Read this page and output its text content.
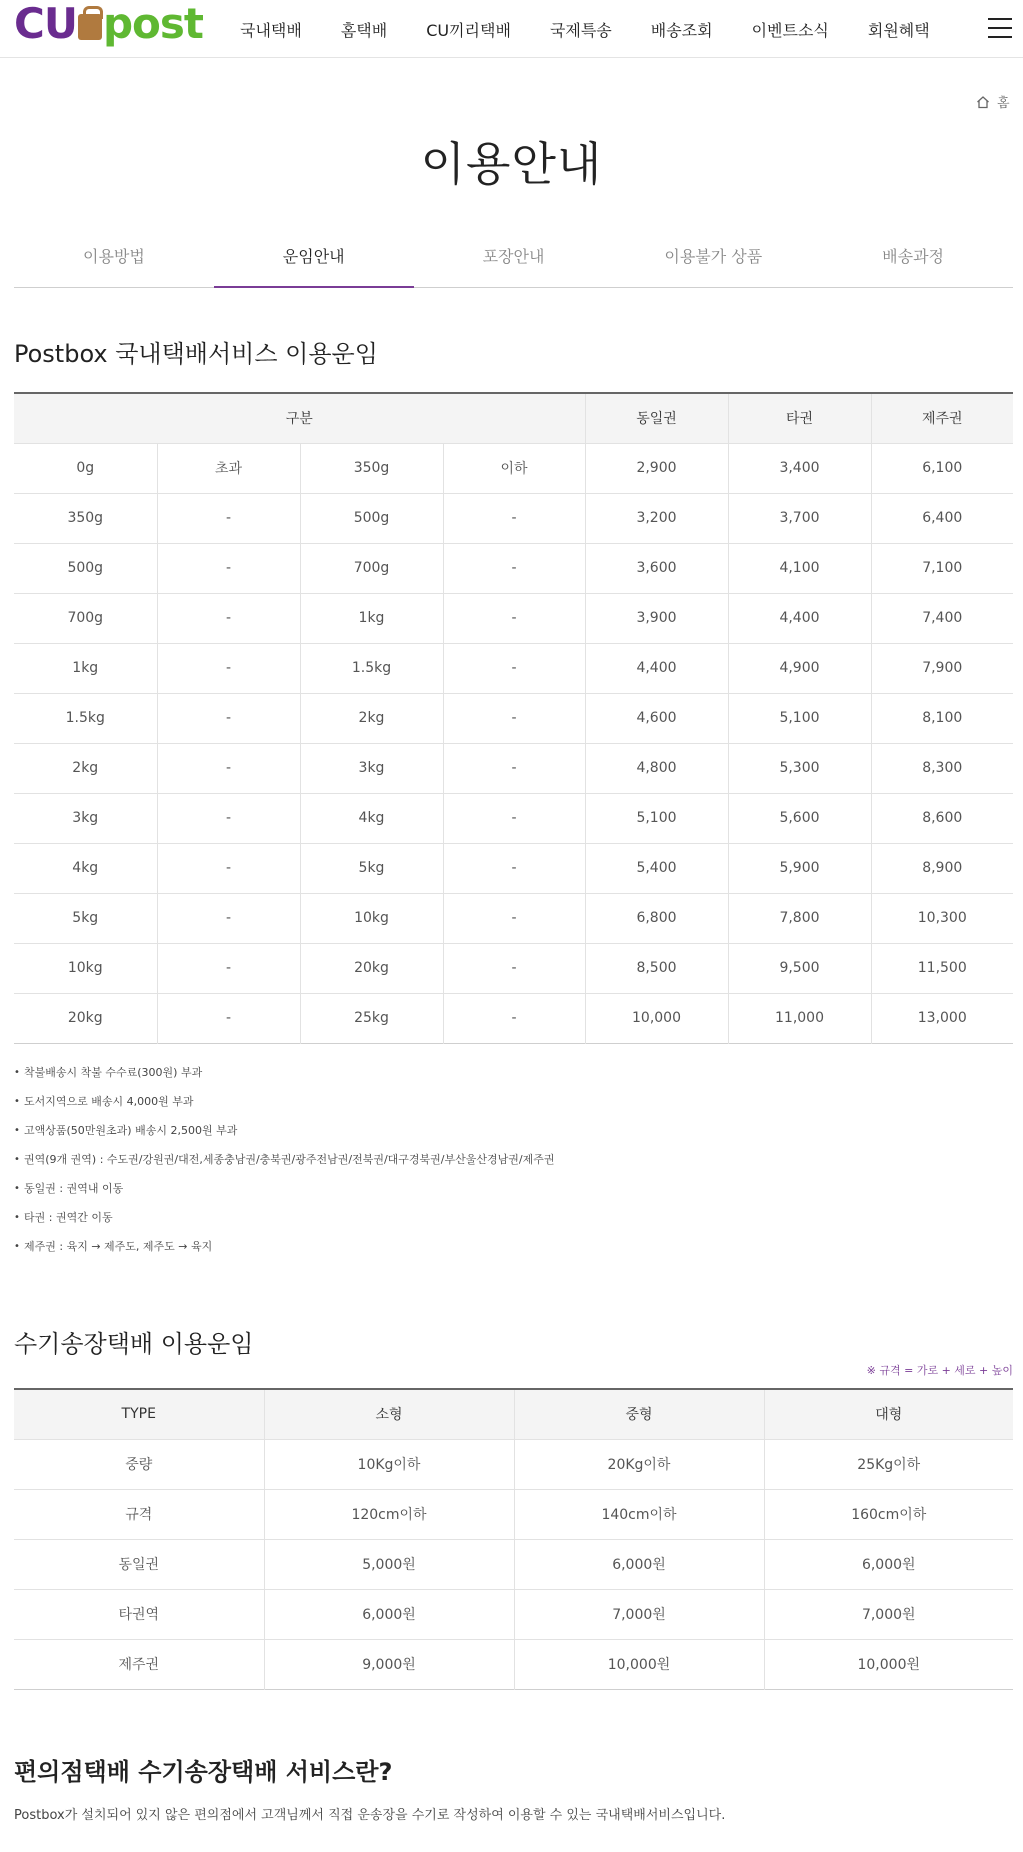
CU post 국내택배 홈택배 CU끼리택배 국제특송 배송조회 이벤트소식 회원혜택
홈
이용안내
이용방법	운임안내	포장안내	이용불가 상품	배송과정
Postbox 국내택배서비스 이용운임
구분				동일권	타권	제주권
0g	초과	350g	이하	2,900	3,400	6,100
350g	-	500g	-	3,200	3,700	6,400
500g	-	700g	-	3,600	4,100	7,100
700g	-	1kg	-	3,900	4,400	7,400
1kg	-	1.5kg	-	4,400	4,900	7,900
1.5kg	-	2kg	-	4,600	5,100	8,100
2kg	-	3kg	-	4,800	5,300	8,300
3kg	-	4kg	-	5,100	5,600	8,600
4kg	-	5kg	-	5,400	5,900	8,900
5kg	-	10kg	-	6,800	7,800	10,300
10kg	-	20kg	-	8,500	9,500	11,500
20kg	-	25kg	-	10,000	11,000	13,000
• 착불배송시 착불 수수료(300원) 부과
• 도서지역으로 배송시 4,000원 부과
• 고액상품(50만원초과) 배송시 2,500원 부과
• 권역(9개 권역) : 수도권/강원권/대전,세종충남권/충북권/광주전남권/전북권/대구경북권/부산울산경남권/제주권
• 동일권 : 권역내 이동
• 타권 : 권역간 이동
• 제주권 : 육지 → 제주도, 제주도 → 육지
수기송장택배 이용운임
※ 규격 = 가로 + 세로 + 높이
TYPE	소형	중형	대형
중량	10Kg이하	20Kg이하	25Kg이하
규격	120cm이하	140cm이하	160cm이하
동일권	5,000원	6,000원	6,000원
타권역	6,000원	7,000원	7,000원
제주권	9,000원	10,000원	10,000원
편의점택배 수기송장택배 서비스란?

Postbox가 설치되어 있지 않은 편의점에서 고객님께서 직접 운송장을 수기로 작성하여 이용할 수 있는 국내택배서비스입니다.
